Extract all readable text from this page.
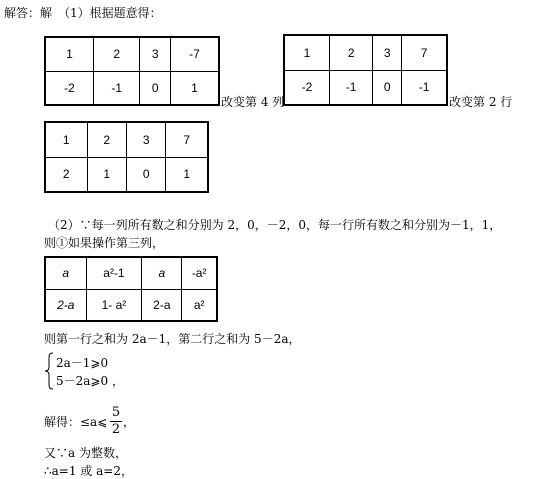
解答：解　（1）根据题意得：
1	2	3	-7
-2	-1	0	1
改变第 4 列
1	2	3	7
-2	-1	0	-1
改变第 2 行
1	2	3	7
2	1	0	1
（2）∵每一列所有数之和分别为 2，0，－2，0，每一行所有数之和分别为－1，1，
则①如果操作第三列，
a	a²-1	a	-a²
2-a	1- a²	2-a	a²
则第一行之和为 2a－1，第二行之和为 5－2a，
2a－1⩾0
5－2a⩾0 ，
解得：≤a⩽
5
2 ，
又∵a 为整数，
∴a=1 或 a=2，
